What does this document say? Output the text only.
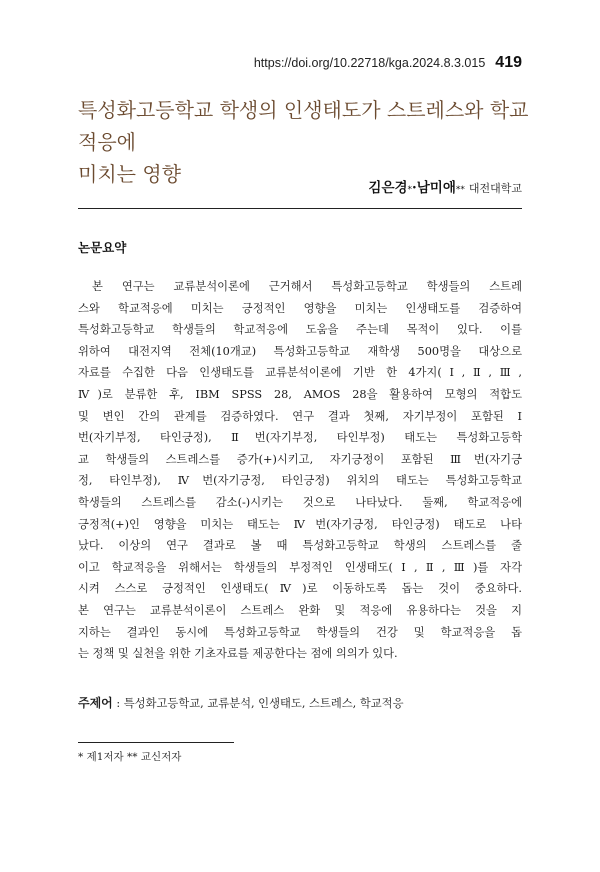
https://doi.org/10.22718/kga.2024.8.3.015 419
특성화고등학교 학생의 인생태도가 스트레스와 학교적응에
미치는 영향
김은경 * · 남미애 ** 대전대학교
논문요약
본 연구는 교류분석이론에 근거해서 특성화고등학교 학생들의 스트레
스와 학교적응에 미치는 긍정적인 영향을 미치는 인생태도를 검증하여
특성화고등학교 학생들의 학교적응에 도움을 주는데 목적이 있다. 이를
위하여 대전지역 전체(10개교) 특성화고등학교 재학생 500명을 대상으로
자료를 수집한 다음 인생태도를 교류분석이론에 기반 한 4가지(Ⅰ,Ⅱ,Ⅲ,
Ⅳ)로 분류한 후, IBM SPSS 28, AMOS 28을 활용하여 모형의 적합도
및 변인 간의 관계를 검증하였다. 연구 결과 첫째, 자기부정이 포함된 Ⅰ
번(자기부정, 타인긍정), Ⅱ번(자기부정, 타인부정) 태도는 특성화고등학
교 학생들의 스트레스를 증가(+)시키고, 자기긍정이 포함된 Ⅲ번(자기긍
정, 타인부정), Ⅳ번(자기긍정, 타인긍정) 위치의 태도는 특성화고등학교
학생들의 스트레스를 감소(-)시키는 것으로 나타났다. 둘째, 학교적응에
긍정적(+)인 영향을 미치는 태도는 Ⅳ번(자기긍정, 타인긍정) 태도로 나타
났다. 이상의 연구 결과로 볼 때 특성화고등학교 학생의 스트레스를 줄
이고 학교적응을 위해서는 학생들의 부정적인 인생태도(Ⅰ,Ⅱ,Ⅲ)를 자각
시켜 스스로 긍정적인 인생태도(Ⅳ)로 이동하도록 돕는 것이 중요하다.
본 연구는 교류분석이론이 스트레스 완화 및 적응에 유용하다는 것을 지
지하는 결과인 동시에 특성화고등학교 학생들의 건강 및 학교적응을 돕
는 정책 및 실천을 위한 기초자료를 제공한다는 점에 의의가 있다.
주제어 : 특성화고등학교, 교류분석, 인생태도, 스트레스, 학교적응
* 제1저자 ** 교신저자
